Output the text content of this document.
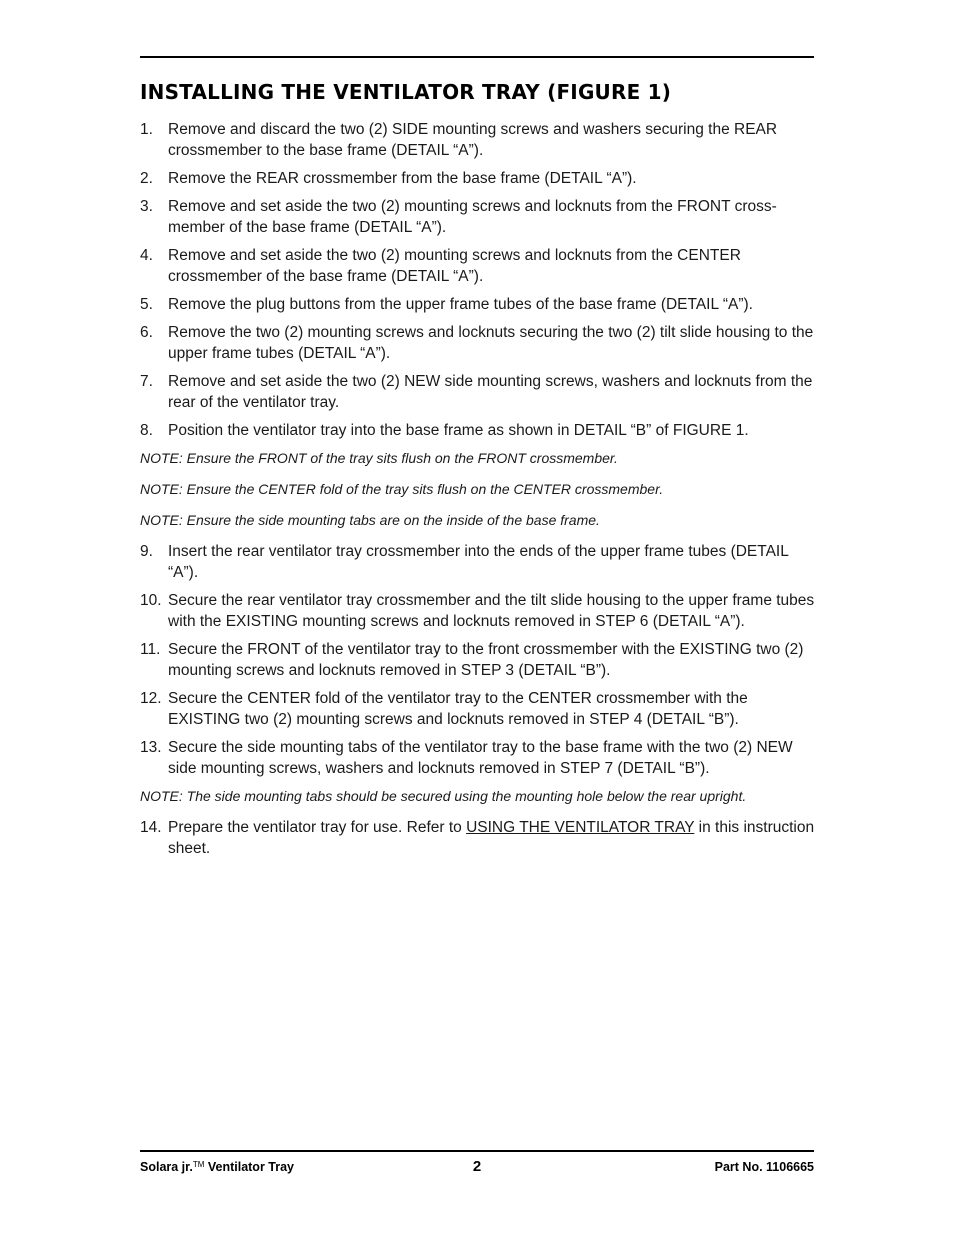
INSTALLING THE VENTILATOR TRAY (FIGURE 1)
1. Remove and discard the two (2) SIDE mounting screws and washers securing the REAR crossmember to the base frame (DETAIL “A”).
2. Remove the REAR crossmember from the base frame (DETAIL “A”).
3. Remove and set aside the two (2) mounting screws and locknuts from the FRONT cross-member of the base frame (DETAIL “A”).
4. Remove and set aside the two (2) mounting screws and locknuts from the CENTER crossmember of the base frame (DETAIL “A”).
5. Remove the plug buttons from the upper frame tubes of the base frame (DETAIL “A”).
6. Remove the two (2) mounting screws and locknuts securing the two (2) tilt slide housing to the upper frame tubes (DETAIL “A”).
7. Remove and set aside the two (2) NEW side mounting screws, washers and locknuts from the rear of the ventilator tray.
8. Position the ventilator tray into the base frame as shown in DETAIL “B” of FIGURE 1.
NOTE: Ensure the FRONT of the tray sits flush on the FRONT crossmember.
NOTE: Ensure the CENTER fold of the tray sits flush on the CENTER crossmember.
NOTE: Ensure the side mounting tabs are on the inside of the base frame.
9. Insert the rear ventilator tray crossmember into the ends of the upper frame tubes (DETAIL “A”).
10. Secure the rear ventilator tray crossmember and the tilt slide housing to the upper frame tubes with the EXISTING mounting screws and locknuts removed in STEP 6 (DETAIL “A”).
11. Secure the FRONT of the ventilator tray to the front crossmember with the EXISTING two (2) mounting screws and locknuts removed in STEP 3 (DETAIL “B”).
12. Secure the CENTER fold of the ventilator tray to the CENTER crossmember with the EXISTING two (2) mounting screws and locknuts removed in STEP 4 (DETAIL “B”).
13. Secure the side mounting tabs of the ventilator tray to the base frame with the two (2) NEW side mounting screws, washers and locknuts removed in STEP 7 (DETAIL “B”).
NOTE: The side mounting tabs should be secured using the mounting hole below the rear upright.
14. Prepare the ventilator tray for use. Refer to USING THE VENTILATOR TRAY in this instruction sheet.
Solara jr.™ Ventilator Tray	2	Part No. 1106665
